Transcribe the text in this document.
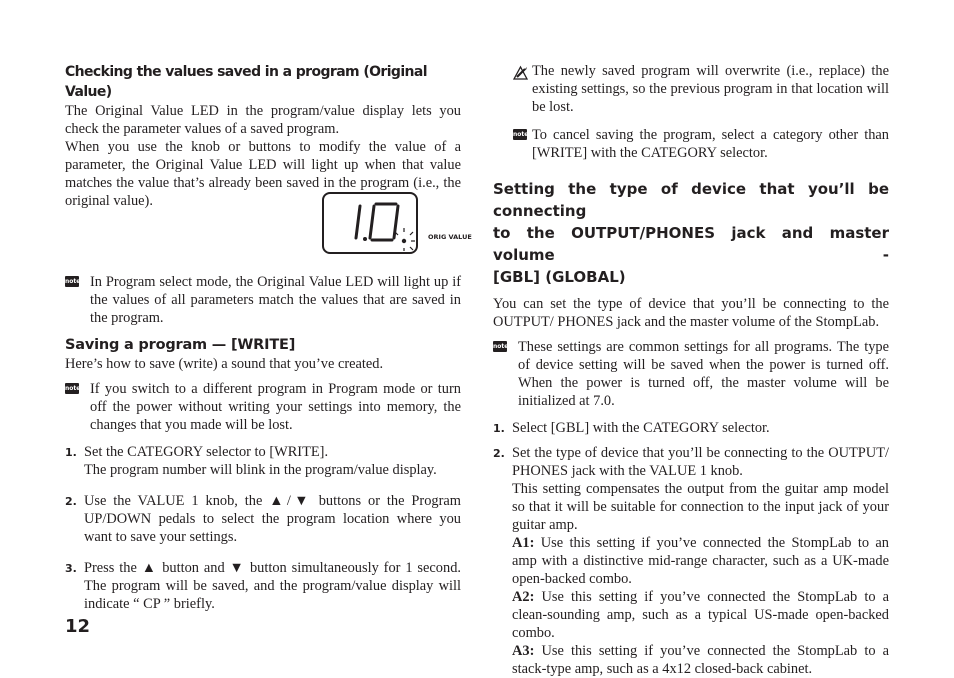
Checking the values saved in a program (Original Value)

The Original Value LED in the program/value display lets you check the parameter values of a saved program.

When you use the knob or buttons to modify the value of a parameter, the Original Value LED will light up when that value matches the value that’s already been saved in the program (i.e., the original value).

ORIG VALUE
note In Program select mode, the Original Value LED will light up if the values of all parameters match the values that are saved in the program.

Saving a program — [WRITE]

Here’s how to save (write) a sound that you’ve created.

note If you switch to a different program in Program mode or turn off the power without writing your settings into memory, the changes that you made will be lost.

1. Set the CATEGORY selector to [WRITE].

The program number will blink in the program/value display.

2. Use the VALUE 1 knob, the ▲/▼ buttons or the Program UP/DOWN pedals to select the program location where you want to save your settings.

3. Press the ▲ button and ▼ button simultaneously for 1 second. The program will be saved, and the program/value display will indicate “ CP ” briefly.

The newly saved program will overwrite (i.e., replace) the existing settings, so the previous program in that location will be lost.

note To cancel saving the program, select a category other than [WRITE] with the CATEGORY selector.

Setting the type of device that you’ll be connecting
to the OUTPUT/PHONES jack and master volume -
[GBL] (GLOBAL)

You can set the type of device that you’ll be connecting to the OUTPUT/ PHONES jack and the master volume of the StompLab.

note These settings are common settings for all programs. The type of device setting will be saved when the power is turned off. When the power is turned off, the master volume will be initialized at 7.0.

1. Select [GBL] with the CATEGORY selector.

2. Set the type of device that you’ll be connecting to the OUTPUT/ PHONES jack with the VALUE 1 knob.

This setting compensates the output from the guitar amp model so that it will be suitable for connection to the input jack of your guitar amp.

A1: Use this setting if you’ve connected the StompLab to an amp with a distinctive mid-range character, such as a UK-made open-backed combo.

A2: Use this setting if you’ve connected the StompLab to a clean-sounding amp, such as a typical US-made open-backed combo.

A3: Use this setting if you’ve connected the StompLab to a stack-type amp, such as a 4x12 closed-back cabinet.

12
